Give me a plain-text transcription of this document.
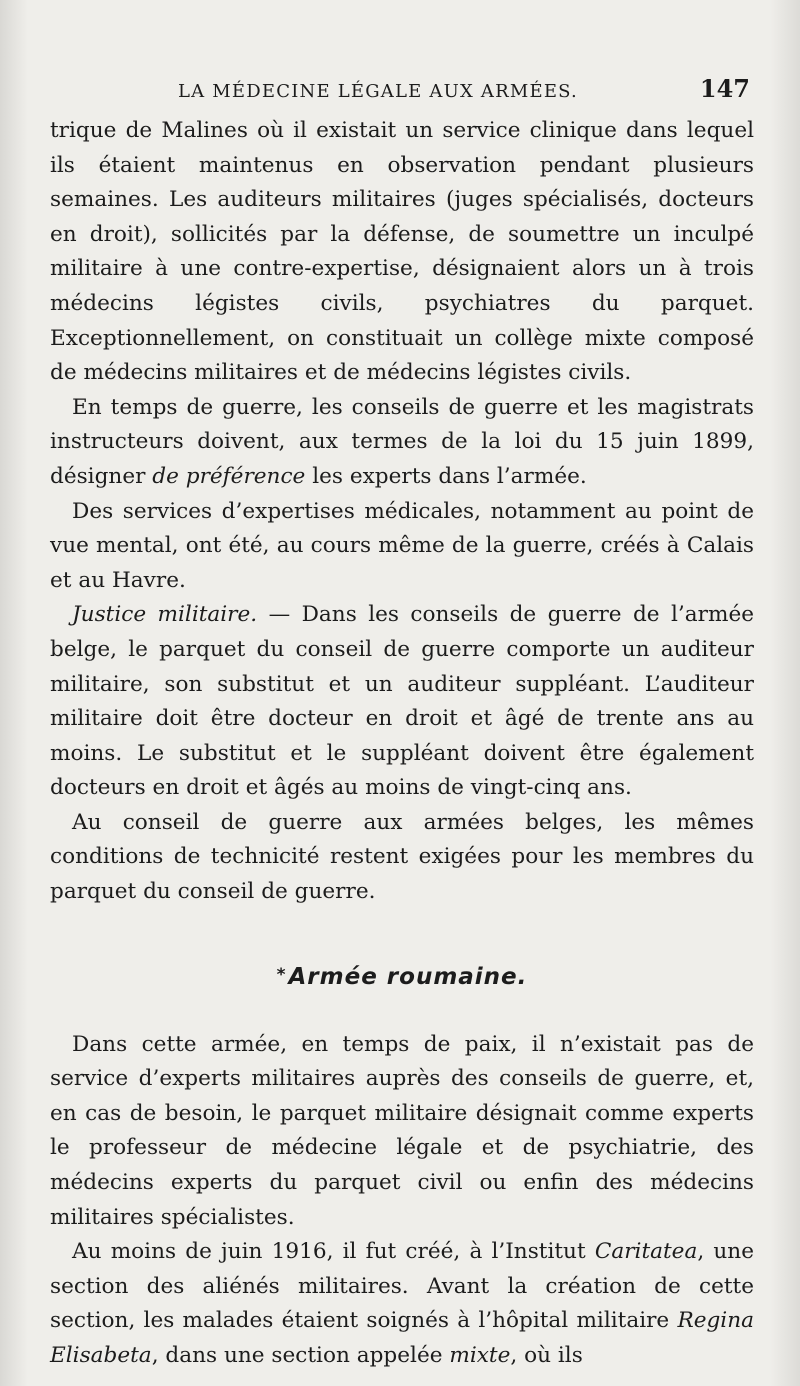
LA MÉDECINE LÉGALE AUX ARMÉES.	147

trique de Malines où il existait un service clinique dans lequel ils étaient maintenus en observation pendant plusieurs semaines. Les auditeurs militaires (juges spécialisés, docteurs en droit), sollicités par la défense, de soumettre un inculpé militaire à une contre-expertise, désignaient alors un à trois médecins légistes civils, psychiatres du parquet. Exceptionnellement, on constituait un collège mixte composé de médecins militaires et de médecins légistes civils.

En temps de guerre, les conseils de guerre et les magistrats instructeurs doivent, aux termes de la loi du 15 juin 1899, désigner de préférence les experts dans l’armée.

Des services d’expertises médicales, notamment au point de vue mental, ont été, au cours même de la guerre, créés à Calais et au Havre.

Justice militaire. — Dans les conseils de guerre de l’armée belge, le parquet du conseil de guerre comporte un auditeur militaire, son substitut et un auditeur suppléant. L’auditeur militaire doit être docteur en droit et âgé de trente ans au moins. Le substitut et le suppléant doivent être également docteurs en droit et âgés au moins de vingt-cinq ans.

Au conseil de guerre aux armées belges, les mêmes conditions de technicité restent exigées pour les membres du parquet du conseil de guerre.

*Armée roumaine.

Dans cette armée, en temps de paix, il n’existait pas de service d’experts militaires auprès des conseils de guerre, et, en cas de besoin, le parquet militaire désignait comme experts le professeur de médecine légale et de psychiatrie, des médecins experts du parquet civil ou enfin des médecins militaires spécialistes.

Au moins de juin 1916, il fut créé, à l’Institut Caritatea, une section des aliénés militaires. Avant la création de cette section, les malades étaient soignés à l’hôpital militaire Regina Elisabeta, dans une section appelée mixte, où ils
